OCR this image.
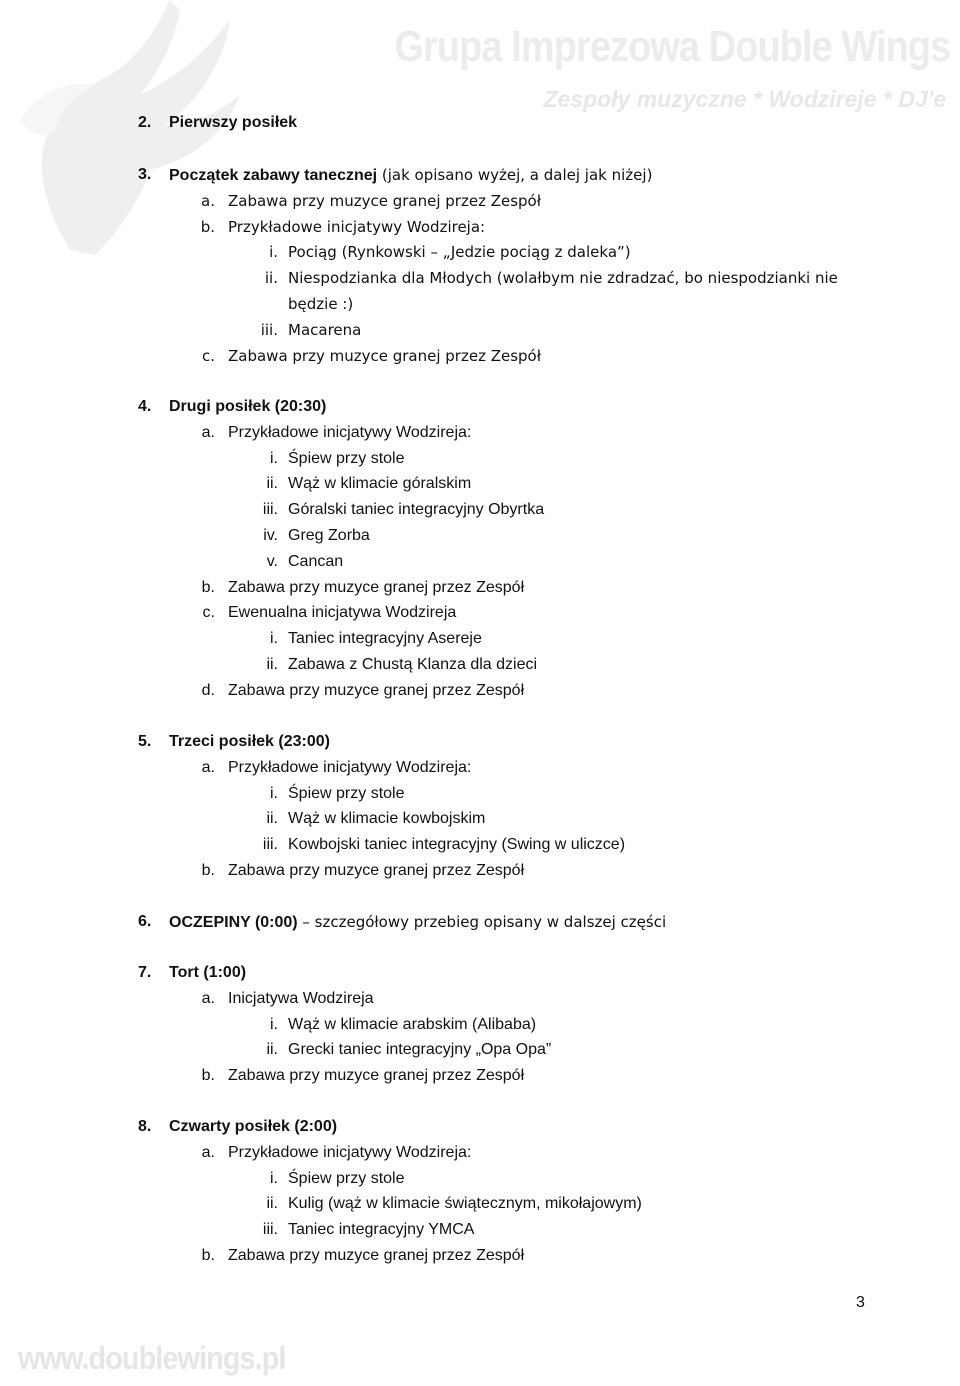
Grupa Imprezowa Double Wings
Zespoły muzyczne * Wodzireje * DJ'e
www.doublewings.pl
2. Pierwszy posiłek
3. Początek zabawy tanecznej (jak opisano wyżej, a dalej jak niżej)
a. Zabawa przy muzyce granej przez Zespół
b. Przykładowe inicjatywy Wodzireja:
i. Pociąg (Rynkowski – „Jedzie pociąg z daleka”)
ii. Niespodzianka dla Młodych (wolałbym nie zdradzać, bo niespodzianki nie
będzie :)
iii. Macarena
c. Zabawa przy muzyce granej przez Zespół
4. Drugi posiłek (20:30)
a. Przykładowe inicjatywy Wodzireja:
i. Śpiew przy stole
ii. Wąż w klimacie góralskim
iii. Góralski taniec integracyjny Obyrtka
iv. Greg Zorba
v. Cancan
b. Zabawa przy muzyce granej przez Zespół
c. Ewenualna inicjatywa Wodzireja
i. Taniec integracyjny Asereje
ii. Zabawa z Chustą Klanza dla dzieci
d. Zabawa przy muzyce granej przez Zespół
5. Trzeci posiłek (23:00)
a. Przykładowe inicjatywy Wodzireja:
i. Śpiew przy stole
ii. Wąż w klimacie kowbojskim
iii. Kowbojski taniec integracyjny (Swing w uliczce)
b. Zabawa przy muzyce granej przez Zespół
6. OCZEPINY (0:00) – szczegółowy przebieg opisany w dalszej części
7. Tort (1:00)
a. Inicjatywa Wodzireja
i. Wąż w klimacie arabskim (Alibaba)
ii. Grecki taniec integracyjny „Opa Opa”
b. Zabawa przy muzyce granej przez Zespół
8. Czwarty posiłek (2:00)
a. Przykładowe inicjatywy Wodzireja:
i. Śpiew przy stole
ii. Kulig (wąż w klimacie świątecznym, mikołajowym)
iii. Taniec integracyjny YMCA
b. Zabawa przy muzyce granej przez Zespół
3
